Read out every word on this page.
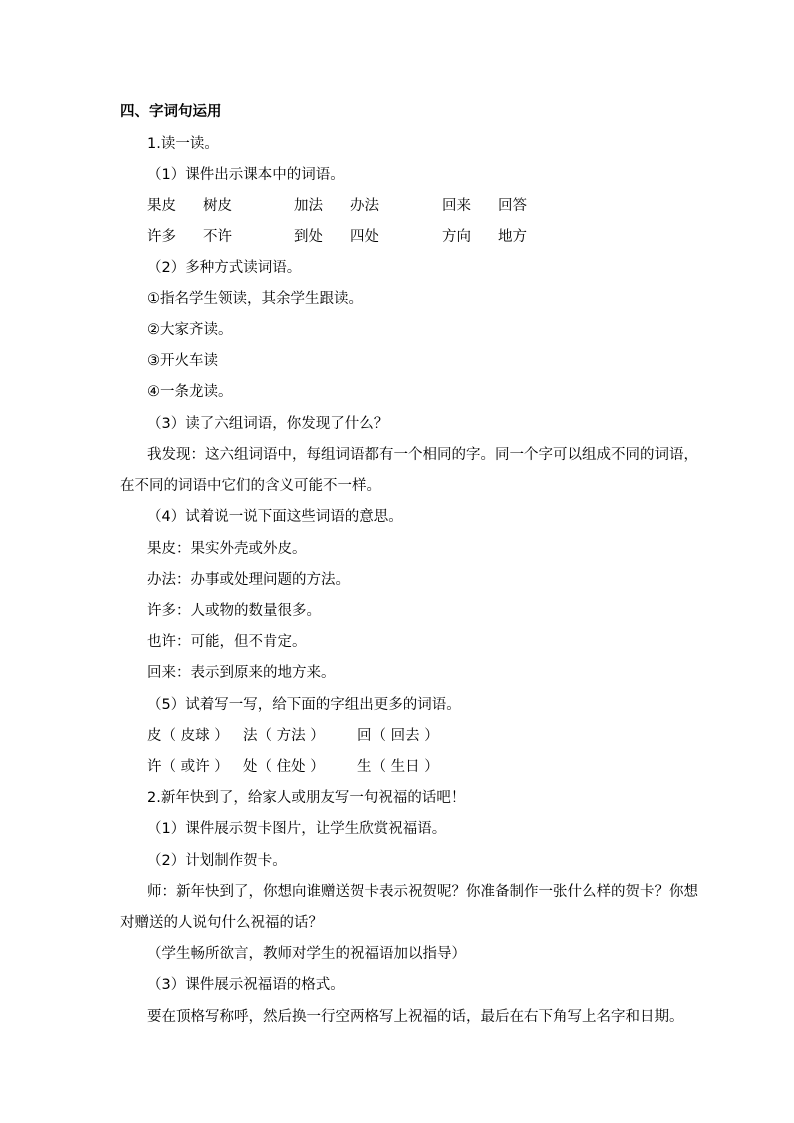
四、字词句运用
1.读一读。
（1）课件出示课本中的词语。
果皮 树皮	加法 办法	回来 回答
许多 不许	到处 四处	方向 地方
（2）多种方式读词语。
①指名学生领读，其余学生跟读。
②大家齐读。
③开火车读
④一条龙读。
（3）读了六组词语，你发现了什么？
我发现：这六组词语中，每组词语都有一个相同的字。同一个字可以组成不同的词语，
在不同的词语中它们的含义可能不一样。
（4）试着说一说下面这些词语的意思。
果皮：果实外壳或外皮。
办法：办事或处理问题的方法。
许多：人或物的数量很多。
也许：可能，但不肯定。
回来：表示到原来的地方来。
（5）试着写一写，给下面的字组出更多的词语。
皮（ 皮球 ） 法（ 方法 ） 回（ 回去 ）
许（ 或许 ） 处（ 住处 ） 生（ 生日 ）
2.新年快到了，给家人或朋友写一句祝福的话吧！
（1）课件展示贺卡图片，让学生欣赏祝福语。
（2）计划制作贺卡。
师：新年快到了，你想向谁赠送贺卡表示祝贺呢？你准备制作一张什么样的贺卡？你想
对赠送的人说句什么祝福的话？
（学生畅所欲言，教师对学生的祝福语加以指导）
（3）课件展示祝福语的格式。
要在顶格写称呼，然后换一行空两格写上祝福的话，最后在右下角写上名字和日期。
